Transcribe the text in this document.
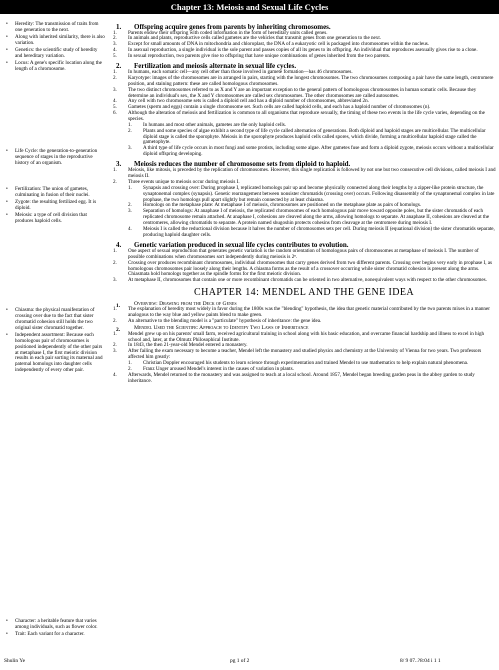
Chapter 13: Meiosis and Sexual Life Cycles
• Heredity: The transmission of traits from one generation to the next.
• Along with inherited similarity, there is also variation.
• Genetics: the scientific study of heredity and hereditary variation.
• Locus: A gene's specific location along the length of a chromosome.
• Life Cycle: the generation-to-generation sequence of stages in the reproductive history of an organism.
• Fertilization: The union of gametes, culminating in fusion of their nuclei.
• Zygote: the resulting fertilized egg. It is diploid.
• Meiosis: a type of cell division that produces haploid cells.
• Chiasma: the physical manifestation of crossing over due to the fact that sister chromatid cohesion still holds the two original sister chromatid together.
• Independent assortment: Because each homologous pair of chromosomes is positioned independently of the other pairs at metaphase I, the first meiotic division results in each pair sorting its maternal and paternal homologs into daughter cells independently of every other pair.
• Character: a heritable feature that varies among individuals, such as flower color.
• Trait: Each variant for a character.
1. Offspring acquire genes from parents by inheriting chromosomes.
1. Parents endow their offspring with coded information in the form of hereditary units called genes.
2. In animals and plants, reproductive cells called gametes are the vehicles that transmit genes from one generation to the next.
3. Except for small amounts of DNA in mitochondria and chloroplast, the DNA of a eukaryotic cell is packaged into chromosomes within the nucleus.
4. In asexual reproduction, a single individual is the sole parent and passes copies of all its genes to its offspring. An individual that reproduces asexually gives rise to a clone.
5. In sexual reproduction, two parents give rise to offspring that have unique combinations of genes inherited from the two parents.
2. Fertilization and meiosis alternate in sexual life cycles.
1. In humans, each somatic cell—any cell other than those involved in gamete formation—has 46 chromosomes.
2. Karyotype: images of the chromosomes are in arranged in pairs, starting with the longest chromosomes. The two chromosomes composing a pair have the same length, centromere position, and staining pattern: these are called homologous chromosomes.
3. The two distinct chromosomes referred to as X and Y are an important exception to the general pattern of homologous chromosomes in human somatic cells. Because they determine an individual's sex, the X and Y chromosomes are called sex chromosomes. The other chromosomes are called autosomes.
4. Any cell with two chromosome sets is called a diploid cell and has a diploid number of chromosomes, abbreviated 2n.
5. Gametes (sperm and eggs) contain a single chromosome set. Such cells are called haploid cells, and each has a haploid number of chromosomes (n).
6. Although the alteration of meiosis and fertilization is common to all organisms that reproduce sexually, the timing of these two events in the life cycle varies, depending on the species.
1. In humans and most other animals, gametes are the only haploid cells.
2. Plants and some species of algae exhibit a second type of life cycle called alternation of generations. Both diploid and haploid stages are multicellular. The multicellular diploid stage is called the sporophyte. Meiosis in the sporophyte produces haploid cells called spores, which divide, forming a multicellular haploid stage called the gametophyte.
3. A third type of life cycle occurs in most fungi and some protists, including some algae. After gametes fuse and form a diploid zygote, meiosis occurs without a multicellular diploid offspring developing.
3. Meiosis reduces the number of chromosome sets from diploid to haploid.
1. Meiosis, like mitosis, is preceded by the replication of chromosomes. However, this single replication is followed by not one but two consecutive cell divisions, called meiosis I and meiosis II.
2. Three events unique to meiosis occur during meiosis I.
1. Synapsis and crossing over: During prophase I, replicated homologs pair up and become physically connected along their lengths by a zipper-like protein structure, the synaptonemal complex (synapsis). Genetic rearrangement between nonsister chromatids (crossing over) occurs. Following disassembly of the synaptonemal complex in late prophase, the two homologs pull apart slightly but remain connected by at least chiasma.
2. Homologs on the metaphase plate: At metaphase I of meiosis, chromosomes are positioned on the metaphase plate as pairs of homologs.
3. Separation of homologs: At anaphase I of meiosis, the replicated chromosomes of each homologous pair move toward opposite poles, but the sister chromatids of each replicated chromosome remain attached. At anaphase I, cohesions are cleaved along the arms, allowing homologs to separate. At anaphase II, cohesions are cleaved at the centromeres, allowing chromatids to separate. A protein named shugoshin protects cohesins from cleavage at the centromere during meiosis I.
4. Meiosis I is called the reductional division because it halves the number of chromosomes sets per cell. During meiosis II (equational division) the sister chromatids separate, producing haploid daughter cells.
4. Genetic variation produced in sexual life cycles contributes to evolution.
1. One aspect of sexual reproduction that generates genetic variation is the random orientation of homologous pairs of chromosomes at metaphase of meiosis I. The number of possible combinations when chromosomes sort independently during meiosis is 2ⁿ.
2. Crossing over produces recombinant chromosomes, individual chromosomes that carry genes derived from two different parents. Crossing over begins very early in prophase I, as homologous chromosomes pair loosely along their lengths. A chiasma forms as the result of a crossover occurring while sister chromatid cohesion is present along the arms. Chiasmata hold homologs together as the spindle forms for the first meiotic division.
3. At metaphase II, chromosomes that contain one or more recombinant chromatids can be oriented in two alternative, nonequivalent ways with respect to the other chromosomes.
CHAPTER 14: MENDEL AND THE GENE IDEA
1. Overview: Drawing from the Deck of Genes
1. The explanation of heredity most widely in favor during the 1800s was the "blending" hypothesis, the idea that genetic material contributed by the two parents mixes in a manner analogous to the way blue and yellow paints blend to make green.
2. An alternative to the blending model is a "particulate" hypothesis of inheritance: the gene idea.
2. Mendel Used the Scientific Approach to Identify Two Laws of Inheritance
1. Mendel grew up on his parents' small farm, received agricultural training in school along with his basic education, and overcame financial hardship and illness to excel in high school and, later, at the Olmutz Philosophical Institute.
2. In 1843, the then 21-year-old Mendel entered a monastery.
3. After failing the exam necessary to become a teacher, Mendel left the monastery and studied physics and chemistry at the University of Vienna for two years. Two professors affected him greatly:
1. Christian Doppler encouraged his students to learn science through experimentation and trained Mendel to use mathematics to help explain natural phenomena.
2. Franz Unger aroused Mendel's interest in the causes of variation in plants.
4. Afterwards, Mendel returned to the monastery and was assigned to teach at a local school. Around 1857, Mendel began breeding garden peas in the abbey garden to study inheritance.
Shulin Ye	pg 1 of 2	8/ 9 07..?8:04 i 1 1
